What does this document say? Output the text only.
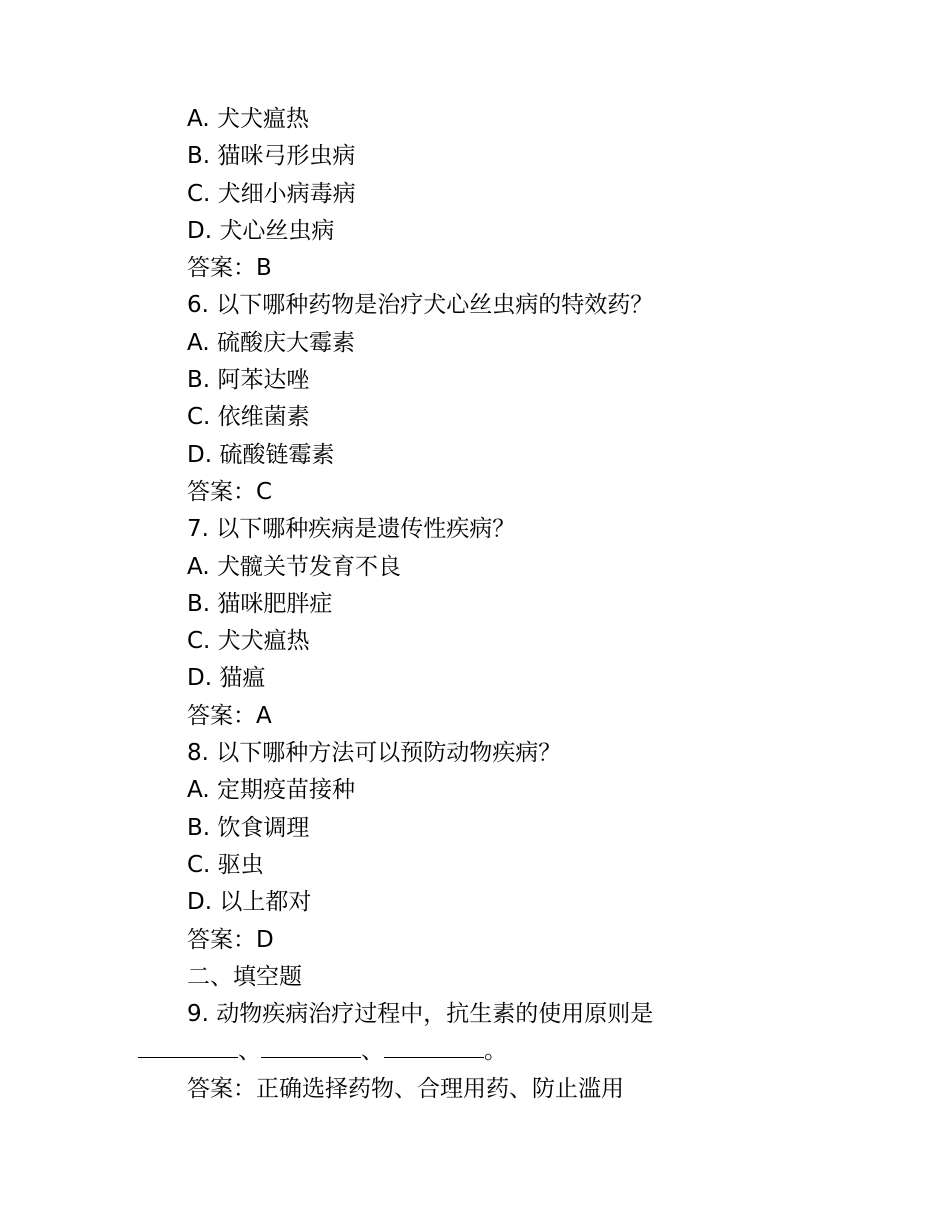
A. 犬犬瘟热
B. 猫咪弓形虫病
C. 犬细小病毒病
D. 犬心丝虫病
答案：B
6. 以下哪种药物是治疗犬心丝虫病的特效药？
A. 硫酸庆大霉素
B. 阿苯达唑
C. 依维菌素
D. 硫酸链霉素
答案：C
7. 以下哪种疾病是遗传性疾病？
A. 犬髋关节发育不良
B. 猫咪肥胖症
C. 犬犬瘟热
D. 猫瘟
答案：A
8. 以下哪种方法可以预防动物疾病？
A. 定期疫苗接种
B. 饮食调理
C. 驱虫
D. 以上都对
答案：D
二、填空题
9. 动物疾病治疗过程中，抗生素的使用原则是
、	、	。
答案：正确选择药物、合理用药、防止滥用
